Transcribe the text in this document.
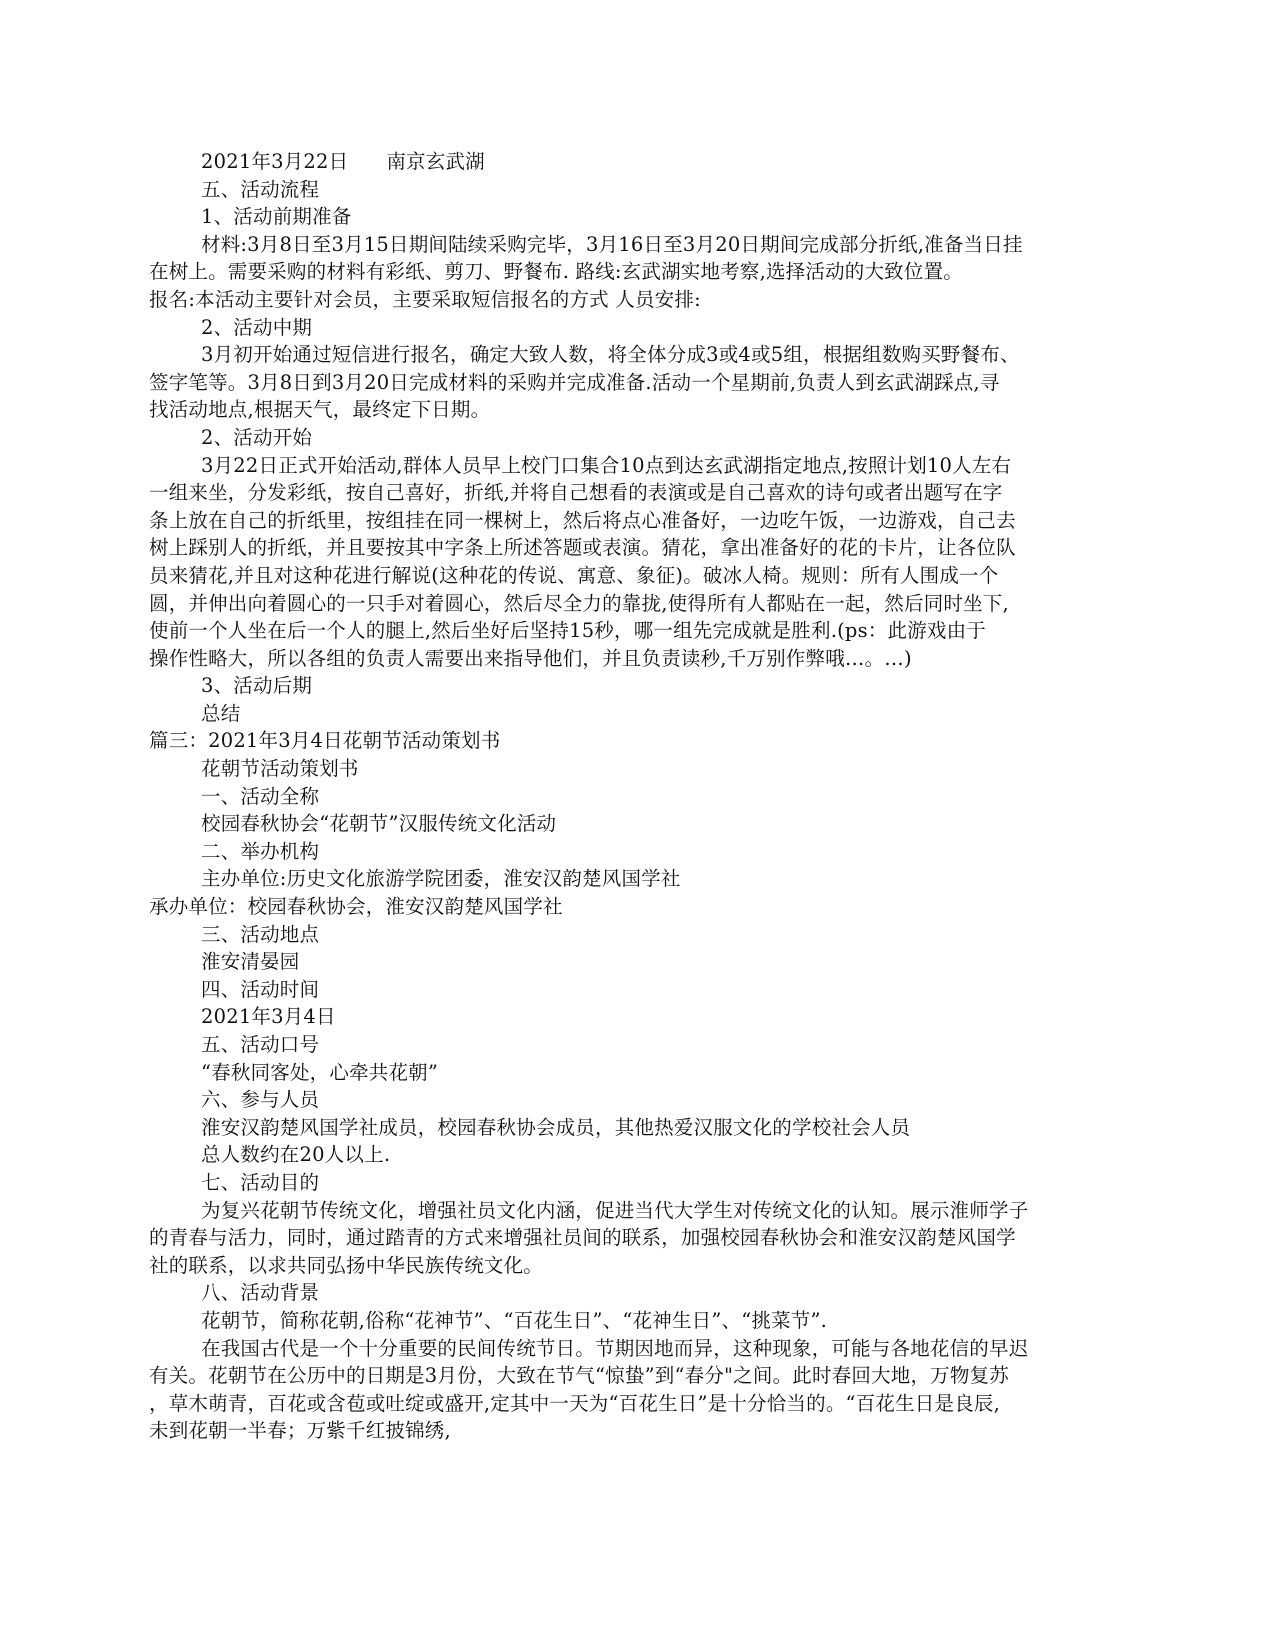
2021年3月22日 南京玄武湖
五、活动流程
1、活动前期准备
材料:3月8日至3月15日期间陆续采购完毕，3月16日至3月20日期间完成部分折纸,准备当日挂
在树上。需要采购的材料有彩纸、剪刀、野餐布. 路线:玄武湖实地考察,选择活动的大致位置。
报名:本活动主要针对会员，主要采取短信报名的方式 人员安排:
2、活动中期
3月初开始通过短信进行报名，确定大致人数，将全体分成3或4或5组，根据组数购买野餐布、
签字笔等。3月8日到3月20日完成材料的采购并完成准备.活动一个星期前,负责人到玄武湖踩点,寻
找活动地点,根据天气，最终定下日期。
2、活动开始
3月22日正式开始活动,群体人员早上校门口集合10点到达玄武湖指定地点,按照计划10人左右
一组来坐，分发彩纸，按自己喜好，折纸,并将自己想看的表演或是自己喜欢的诗句或者出题写在字
条上放在自己的折纸里，按组挂在同一棵树上，然后将点心准备好，一边吃午饭，一边游戏，自己去
树上踩别人的折纸，并且要按其中字条上所述答题或表演。猜花，拿出准备好的花的卡片，让各位队
员来猜花,并且对这种花进行解说(这种花的传说、寓意、象征)。破冰人椅。规则：所有人围成一个
圆，并伸出向着圆心的一只手对着圆心，然后尽全力的靠拢,使得所有人都贴在一起，然后同时坐下,
使前一个人坐在后一个人的腿上,然后坐好后坚持15秒，哪一组先完成就是胜利.(ps：此游戏由于
操作性略大，所以各组的负责人需要出来指导他们，并且负责读秒,千万别作弊哦…。…)
3、活动后期
总结
篇三：2021年3月4日花朝节活动策划书
花朝节活动策划书
一、活动全称
校园春秋协会“花朝节”汉服传统文化活动
二、举办机构
主办单位:历史文化旅游学院团委，淮安汉韵楚风国学社
承办单位：校园春秋协会，淮安汉韵楚风国学社
三、活动地点
淮安清晏园
四、活动时间
2021年3月4日
五、活动口号
“春秋同客处，心牵共花朝”
六、参与人员
淮安汉韵楚风国学社成员，校园春秋协会成员，其他热爱汉服文化的学校社会人员
总人数约在20人以上.
七、活动目的
为复兴花朝节传统文化，增强社员文化内涵，促进当代大学生对传统文化的认知。展示淮师学子
的青春与活力，同时，通过踏青的方式来增强社员间的联系，加强校园春秋协会和淮安汉韵楚风国学
社的联系，以求共同弘扬中华民族传统文化。
八、活动背景
花朝节，简称花朝,俗称“花神节”、“百花生日”、“花神生日”、“挑菜节”.
在我国古代是一个十分重要的民间传统节日。节期因地而异，这种现象，可能与各地花信的早迟
有关。花朝节在公历中的日期是3月份，大致在节气“惊蛰”到“春分"之间。此时春回大地，万物复苏
，草木萌青，百花或含苞或吐绽或盛开,定其中一天为“百花生日”是十分恰当的。“百花生日是良辰,
未到花朝一半春；万紫千红披锦绣,
